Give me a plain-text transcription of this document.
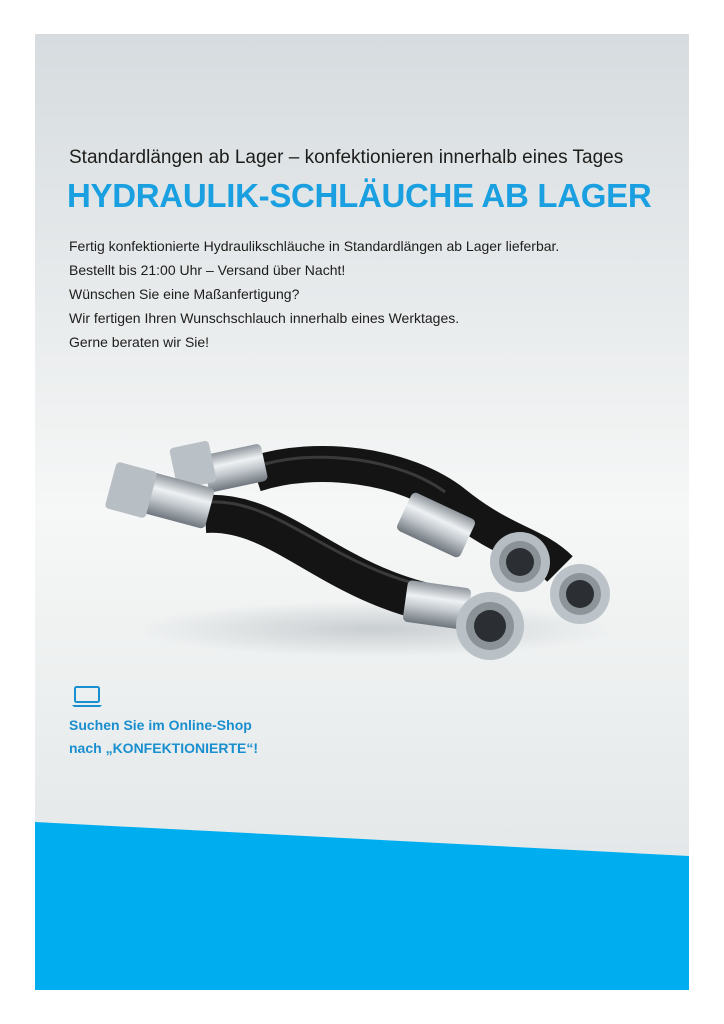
Standardlängen ab Lager – konfektionieren innerhalb eines Tages
HYDRAULIK-SCHLÄUCHE AB LAGER
Fertig konfektionierte Hydraulikschläuche in Standardlängen ab Lager lieferbar.
Bestellt bis 21:00 Uhr – Versand über Nacht!
Wünschen Sie eine Maßanfertigung?
Wir fertigen Ihren Wunschschlauch innerhalb eines Werktages.
Gerne beraten wir Sie!
Suchen Sie im Online-Shop
nach „KONFEKTIONIERTE“!
